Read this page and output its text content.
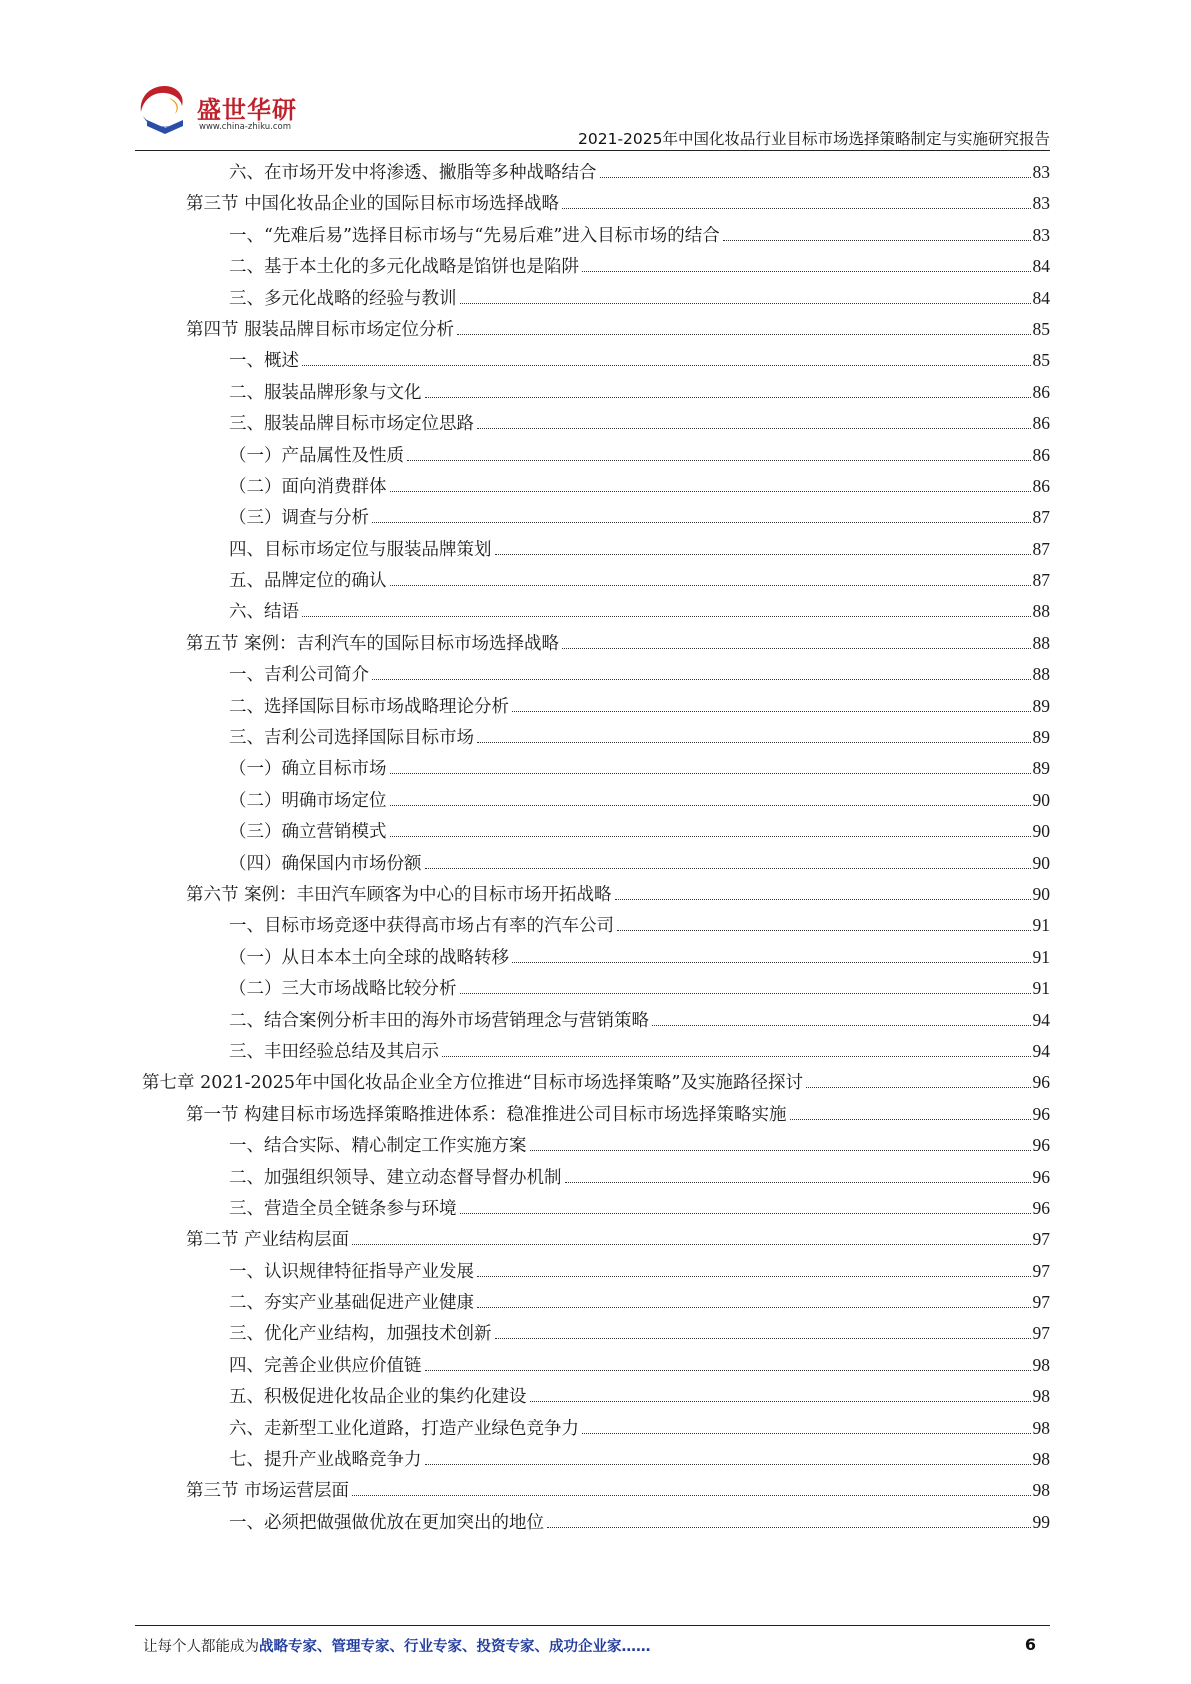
盛世华研
www.china-zhiku.com
2021-2025年中国化妆品行业目标市场选择策略制定与实施研究报告
六、在市场开发中将渗透、撇脂等多种战略结合	83
第三节 中国化妆品企业的国际目标市场选择战略	83
一、“先难后易”选择目标市场与“先易后难”进入目标市场的结合	83
二、基于本土化的多元化战略是馅饼也是陷阱	84
三、多元化战略的经验与教训	84
第四节 服装品牌目标市场定位分析	85
一、概述	85
二、服装品牌形象与文化	86
三、服装品牌目标市场定位思路	86
（一）产品属性及性质	86
（二）面向消费群体	86
（三）调查与分析	87
四、目标市场定位与服装品牌策划	87
五、品牌定位的确认	87
六、结语	88
第五节 案例：吉利汽车的国际目标市场选择战略	88
一、吉利公司简介	88
二、选择国际目标市场战略理论分析	89
三、吉利公司选择国际目标市场	89
（一）确立目标市场	89
（二）明确市场定位	90
（三）确立营销模式	90
（四）确保国内市场份额	90
第六节 案例：丰田汽车顾客为中心的目标市场开拓战略	90
一、目标市场竞逐中获得高市场占有率的汽车公司	91
（一）从日本本土向全球的战略转移	91
（二）三大市场战略比较分析	91
二、结合案例分析丰田的海外市场营销理念与营销策略	94
三、丰田经验总结及其启示	94
第七章 2021-2025年中国化妆品企业全方位推进“目标市场选择策略”及实施路径探讨	96
第一节 构建目标市场选择策略推进体系：稳准推进公司目标市场选择策略实施	96
一、结合实际、精心制定工作实施方案	96
二、加强组织领导、建立动态督导督办机制	96
三、营造全员全链条参与环境	96
第二节 产业结构层面	97
一、认识规律特征指导产业发展	97
二、夯实产业基础促进产业健康	97
三、优化产业结构，加强技术创新	97
四、完善企业供应价值链	98
五、积极促进化妆品企业的集约化建设	98
六、走新型工业化道路，打造产业绿色竞争力	98
七、提升产业战略竞争力	98
第三节 市场运营层面	98
一、必须把做强做优放在更加突出的地位	99
让每个人都能成为战略专家、管理专家、行业专家、投资专家、成功企业家……	6
